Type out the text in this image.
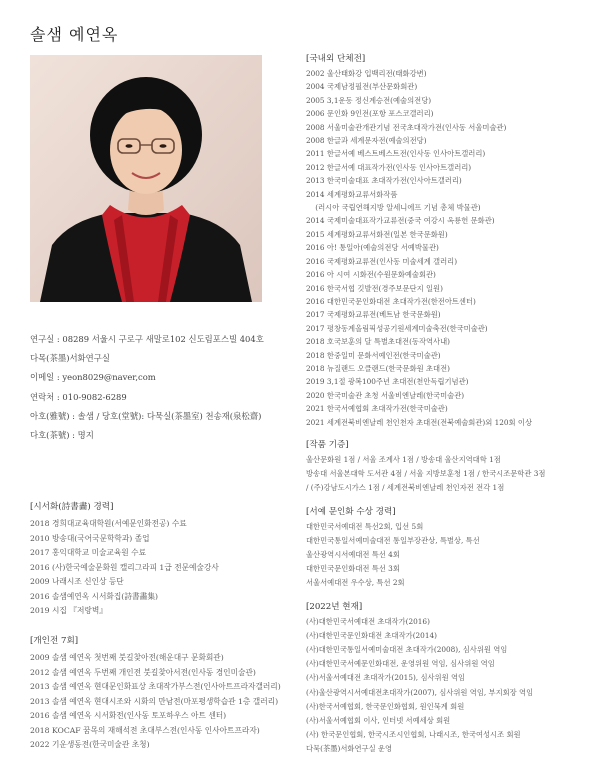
솔샘 예연옥
연구실 : 08289 서울시 구로구 새말로102 신도림포스빌 404호
다목(茶墨)서화연구실
이메일 : yeon8029@naver,com
연락처 : 010-9082-6289
아호(雅號) : 솔샘 / 당호(堂號): 다묵실(茶墨室) 천송재(泉松齋)
다호(茶號) : 명지
[시서화(詩書畵) 경력]
2018 경희대교육대학원(서예문인화전공) 수료
2010 방송대(국어국문학학과) 졸업
2017 홍익대학교 미술교육원 수료
2016 (사)한국예술문화원 캘리그라피 1급 전문예술강사
2009 나래시조 신인상 등단
2016 솔샘예연옥 시서화집(詩書畵集)
2019 시집 『저랑벽』
[개인전 7회]
2009 솔샘 예연옥 첫번째 붓길찾아전(해운대구 문화회관)
2012 솔샘 예연옥 두번째 개인전 붓길찾아서전(인사동 경인미술관)
2013 솔샘 예연옥 현대문인화표상 초대작가부스전(인사아트프라자갤러리)
2013 솔샘 예연옥 현대시조와 시화의 만남전(마포평생학습관 1층 갤러리)
2016 솔샘 예연옥 시서화전(인사동 토포하우스 아트 센터)
2018 KOCAF 꿈목의 재해석전 초대부스전(인사동 인사아트프라자)
2022 기운생동전(한국미술관 초청)
[국내외 단체전]
2002 울산태화강 입백리전(태화강변)
2004 국제남정필전(부산문화회관)
2005 3,1운동 정신계승전(예술의전당)
2006 문인화 9인전(포항 포스코갤러리)
2008 서울미술관개관기념 전국초대작가전(인사동 서울미술관)
2008 한글과 세계문자전(예술의전당)
2011 한글서예 베스트베스트전(인사동 인사아트갤러리)
2012 한글서예 대표작가전(인사동 인사아트갤러리)
2013 한국미술대표 초대작가전(인사아트갤러리)
2014 세계평화교류서화작품
(러시아 국립연해지방 알세니에프 기념 총체 박물관)
2014 국제미술대표작가교류전(중국 여강시 옥룡헌 문화관)
2015 세계평화교류서화전(일본 한국문화원)
2016 아! 통일아(예술의전당 서예박물관)
2016 국제평화교류전(인사동 미술세계 갤러리)
2016 아 시여 시화전(수원문화예술회관)
2016 한국서협 깃발전(경주보문단지 일원)
2016 대한민국문인화대전 초대작가전(한전아트센터)
2017 국제평화교류전(베트남 한국문화원)
2017 평창동계올림픽성공기원세계미술축전(한국미술관)
2018 호국보훈의 달 특별초대전(동작역사내)
2018 한중일미 문화서예인전(한국미술관)
2018 뉴질랜드 오클랜드(한국문화원 초대전)
2019 3,1절 광복100주년 초대전(천안독립기념관)
2020 한국미술관 초청 서울비엔날레(한국미술관)
2021 한국서예협회 초대작가전(한국미술관)
2021 세계전북비엔날레 천인천자 초대전(전북예술회관)외 120회 이상
[작품 기증]
울산문화원 1점 / 서울 조계사 1점 / 방송대 울산지역대학 1점
방송대 서울본대학 도서관 4점 / 서울 지방보훈청 1점 / 한국시조문학관 3점
/ (주)강남도시가스 1점 / 세계전북비엔날레 천인자전 전각 1점
[서예 문인화 수상 경력]
대한민국서예대전 특선2회, 입선 5회
대한민국통일서예미술대전 통일부장관상, 특별상, 특선
울산광역시서예대전 특선 4회
대한민국문인화대전 특선 3회
서울서예대전 우수상, 특선 2회
[2022년 현재]
(사)대한민국서예대전 초대작가(2016)
(사)대한민국문인화대전 초대작가(2014)
(사)대한민국통일서예미술대전 초대작가(2008), 심사위원 역임
(사)대한민국서예문인화대전, 운영위원 역임, 심사위원 역임
(사)서울서예대전 초대작가(2015), 심사위원 역임
(사)울산광역시서예대전초대작가(2007), 심사위원 역임, 부지회장 역임
(사)한국서예협회, 한국문인화협회, 원인묵계 회원
(사)서울서예협회 이사, 인터넷 서예세상 회원
(사) 한국문인협회, 한국시조시인협회, 나래시조, 한국여성시조 회원
다묵(茶墨)서화연구실 운영
